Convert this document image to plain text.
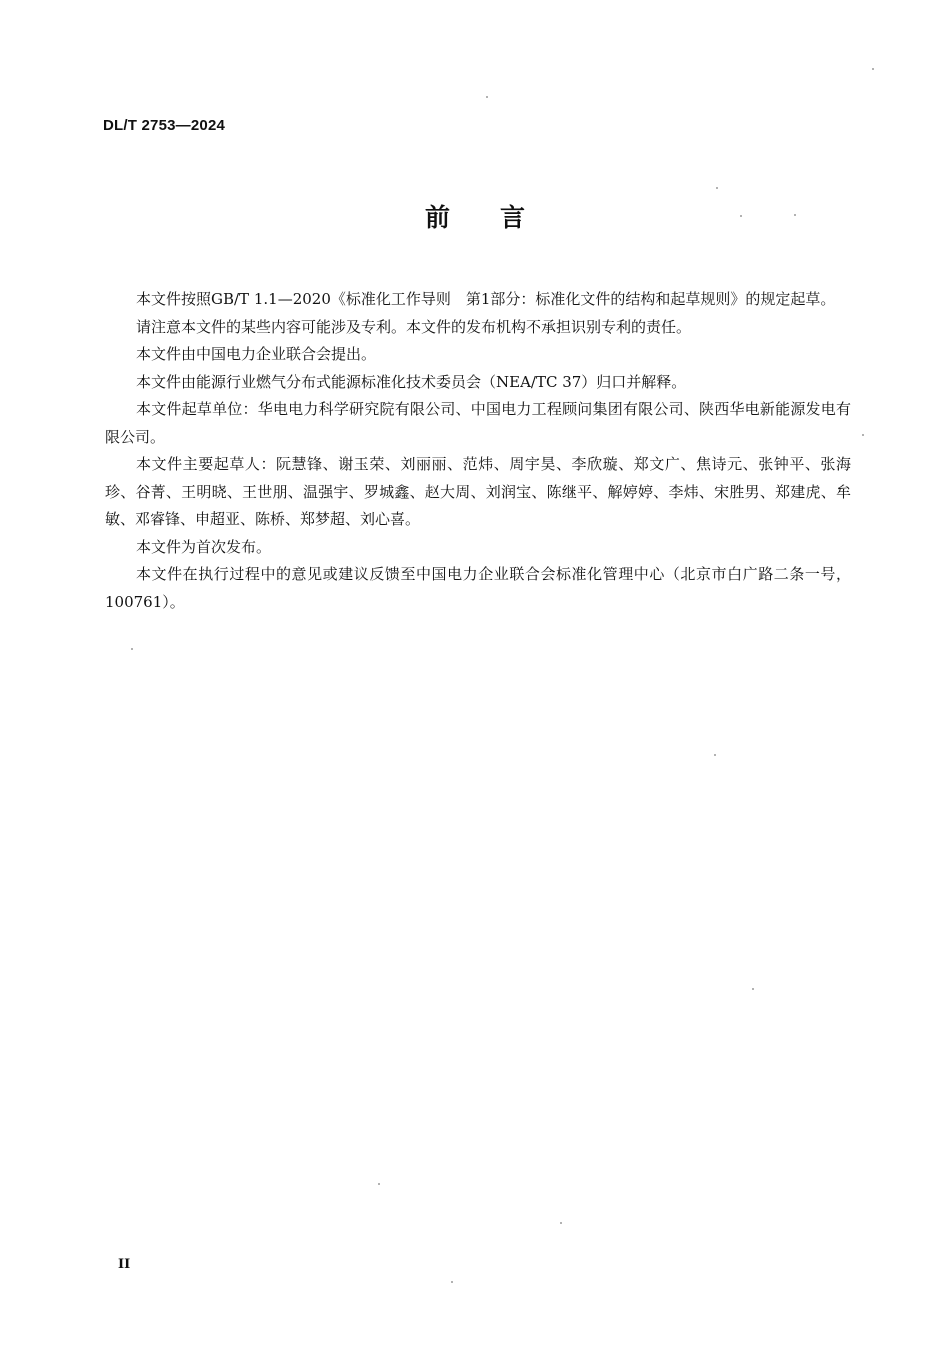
DL/T 2753—2024
前 言

本文件按照GB/T 1.1—2020《标准化工作导则　第1部分：标准化文件的结构和起草规则》的规定起草。

请注意本文件的某些内容可能涉及专利。本文件的发布机构不承担识别专利的责任。

本文件由中国电力企业联合会提出。

本文件由能源行业燃气分布式能源标准化技术委员会（NEA/TC 37）归口并解释。

本文件起草单位：华电电力科学研究院有限公司、中国电力工程顾问集团有限公司、陕西华电新能源发电有限公司。

本文件主要起草人：阮慧锋、谢玉荣、刘丽丽、范炜、周宇昊、李欣璇、郑文广、焦诗元、张钟平、张海珍、谷菁、王明晓、王世朋、温强宇、罗城鑫、赵大周、刘润宝、陈继平、解婷婷、李炜、宋胜男、郑建虎、牟敏、邓睿锋、申超亚、陈桥、郑梦超、刘心喜。

本文件为首次发布。

本文件在执行过程中的意见或建议反馈至中国电力企业联合会标准化管理中心（北京市白广路二条一号，100761）。

II
